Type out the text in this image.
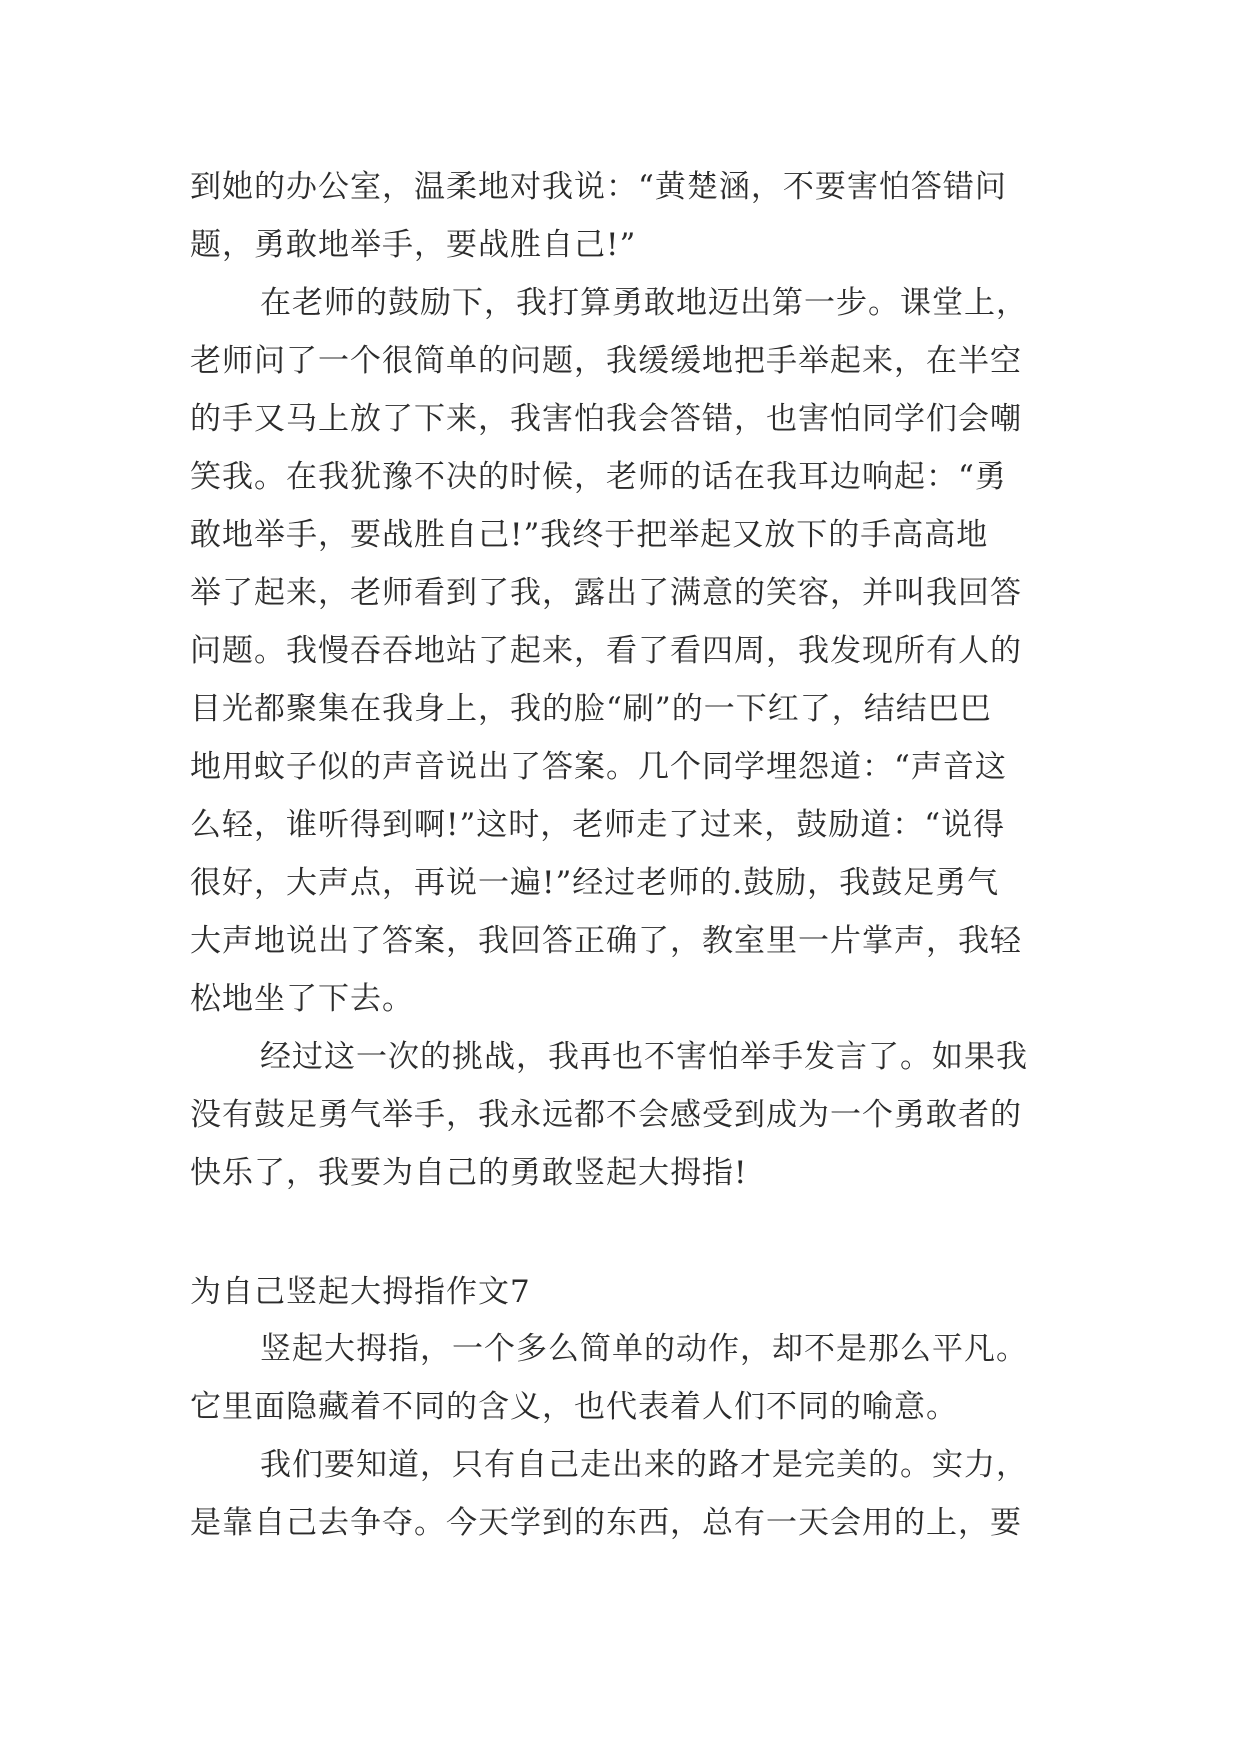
到她的办公室，温柔地对我说：“黄楚涵，不要害怕答错问
题，勇敢地举手，要战胜自己!”
在老师的鼓励下，我打算勇敢地迈出第一步。课堂上，
老师问了一个很简单的问题，我缓缓地把手举起来，在半空
的手又马上放了下来，我害怕我会答错，也害怕同学们会嘲
笑我。在我犹豫不决的时候，老师的话在我耳边响起：“勇
敢地举手，要战胜自己!”我终于把举起又放下的手高高地
举了起来，老师看到了我，露出了满意的笑容，并叫我回答
问题。我慢吞吞地站了起来，看了看四周，我发现所有人的
目光都聚集在我身上，我的脸“刷”的一下红了，结结巴巴
地用蚊子似的声音说出了答案。几个同学埋怨道：“声音这
么轻，谁听得到啊!”这时，老师走了过来，鼓励道：“说得
很好，大声点，再说一遍!”经过老师的.鼓励，我鼓足勇气
大声地说出了答案，我回答正确了，教室里一片掌声，我轻
松地坐了下去。
经过这一次的挑战，我再也不害怕举手发言了。如果我
没有鼓足勇气举手，我永远都不会感受到成为一个勇敢者的
快乐了，我要为自己的勇敢竖起大拇指!
为自己竖起大拇指作文7
竖起大拇指，一个多么简单的动作，却不是那么平凡。
它里面隐藏着不同的含义，也代表着人们不同的喻意。
我们要知道，只有自己走出来的路才是完美的。实力，
是靠自己去争夺。今天学到的东西，总有一天会用的上，要
